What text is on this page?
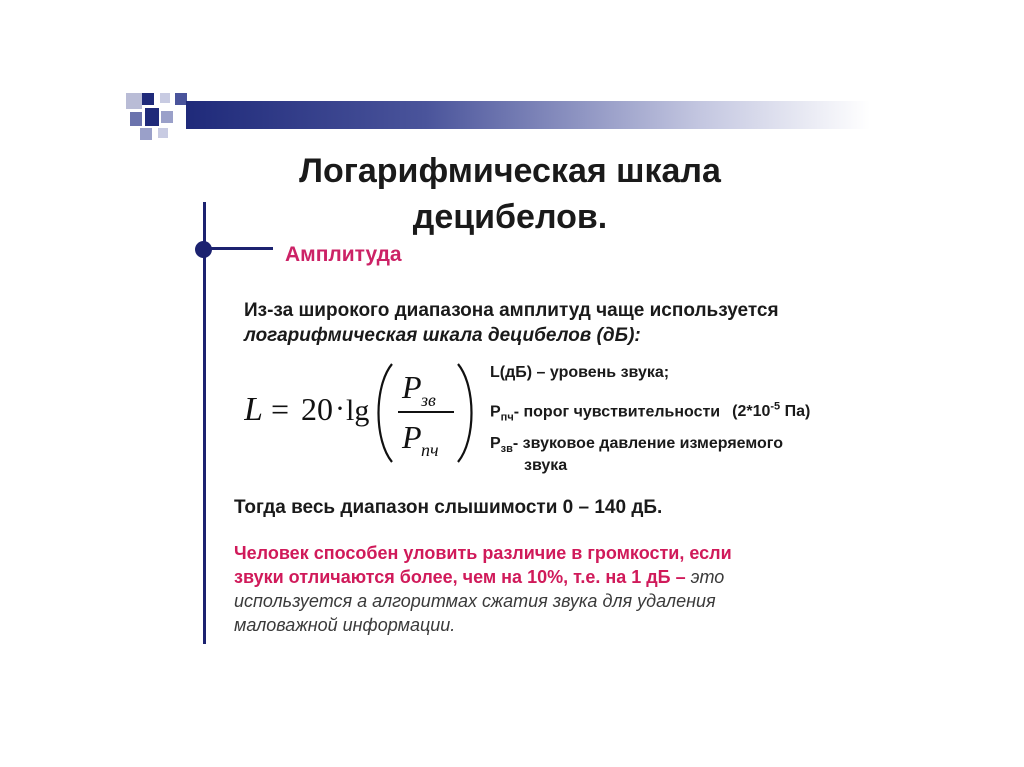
Логарифмическая шкала
децибелов.
Амплитуда
Из-за широкого диапазона амплитуд чаще используется
логарифмическая шкала децибелов (дБ):
L = 20 · lg
P зв
P пч
L(дБ) – уровень звука;
$P_{пч}-$ порог чувствительности ($2*10^{-5}$ Па)
$P_{зв}-$ звуковое давление измеряемого
звука
Тогда весь диапазон слышимости 0 – 140 дБ.
Человек способен уловить различие в громкости, если
звуки отличаются более, чем на 10%, т.е. на 1 дБ – это
используется а алгоритмах сжатия звука для удаления
маловажной информации.
